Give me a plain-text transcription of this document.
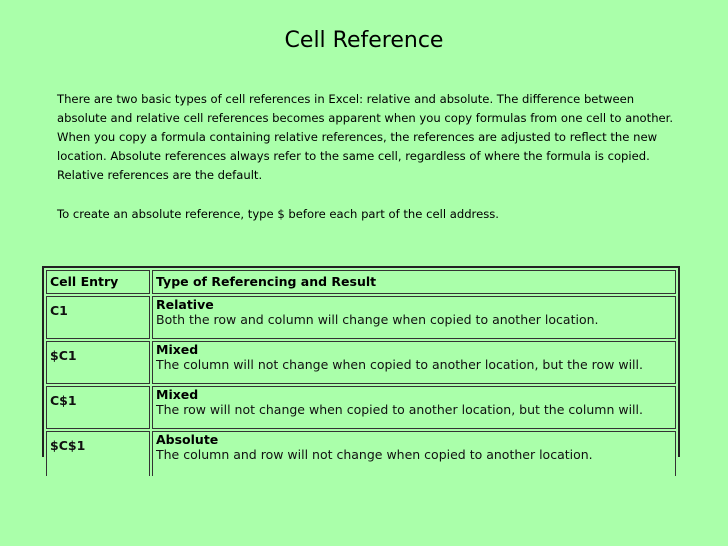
Cell Reference
There are two basic types of cell references in Excel: relative and absolute. The difference between absolute and relative cell references becomes apparent when you copy formulas from one cell to another. When you copy a formula containing relative references, the references are adjusted to reflect the new location. Absolute references always refer to the same cell, regardless of where the formula is copied. Relative references are the default.
To create an absolute reference, type $ before each part of the cell address.
Cell Entry	Type of Referencing and Result
C1	Relative
Both the row and column will change when copied to another location.

$C1	Mixed
The column will not change when copied to another location, but the row will.

C$1	Mixed
The row will not change when copied to another location, but the column will.

$C$1	Absolute
The column and row will not change when copied to another location.
